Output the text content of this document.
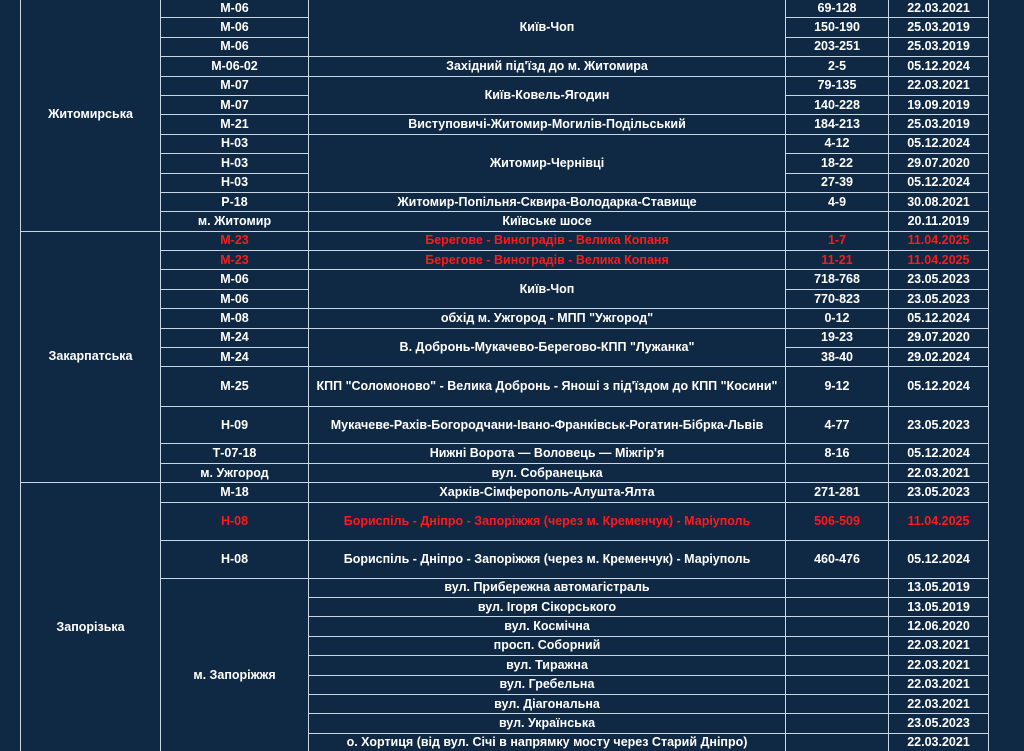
Житомирська	М-06	Київ-Чоп	69-128	22.03.2021
	М-06		150-190	25.03.2019
	М-06		203-251	25.03.2019
	М-06-02	Західний під'їзд до м. Житомира	2-5	05.12.2024
	М-07	Київ-Ковель-Ягодин	79-135	22.03.2021
	М-07		140-228	19.09.2019
	М-21	Виступовичі-Житомир-Могилів-Подільський	184-213	25.03.2019
	Н-03	Житомир-Чернівці	4-12	05.12.2024
	Н-03		18-22	29.07.2020
	Н-03		27-39	05.12.2024
	Р-18	Житомир-Попільня-Сквира-Володарка-Ставище	4-9	30.08.2021
	м. Житомир	Київське шосе		20.11.2019
Закарпатська	М-23	Берегове - Виноградів - Велика Копаня	1-7	11.04.2025
	М-23	Берегове - Виноградів - Велика Копаня	11-21	11.04.2025
	М-06	Київ-Чоп	718-768	23.05.2023
	М-06		770-823	23.05.2023
	М-08	обхід м. Ужгород - МПП "Ужгород"	0-12	05.12.2024
	М-24	В. Добронь-Мукачево-Берегово-КПП "Лужанка"	19-23	29.07.2020
	М-24		38-40	29.02.2024
	М-25	КПП "Соломоново" - Велика Добронь - Яноші з під'їздом до КПП "Косини"	9-12	05.12.2024
	Н-09	Мукачеве-Рахів-Богородчани-Івано-Франківськ-Рогатин-Бібрка-Львів	4-77	23.05.2023
	Т-07-18	Нижні Ворота — Воловець — Міжгір'я	8-16	05.12.2024
	м. Ужгород	вул. Собранецька		22.03.2021
Запорізька	М-18	Харків-Сімферополь-Алушта-Ялта	271-281	23.05.2023
	Н-08	Бориспіль - Дніпро - Запоріжжя (через м. Кременчук) - Маріуполь	506-509	11.04.2025
	Н-08	Бориспіль - Дніпро - Запоріжжя (через м. Кременчук) - Маріуполь	460-476	05.12.2024
	м. Запоріжжя	вул. Прибережна автомагістраль		13.05.2019
		вул. Ігоря Сікорського		13.05.2019
		вул. Космічна		12.06.2020
		просп. Соборний		22.03.2021
		вул. Тиражна		22.03.2021
		вул. Гребельна		22.03.2021
		вул. Діагональна		22.03.2021
		вул. Українська		23.05.2023
		о. Хортиця (від вул. Січі в напрямку мосту через Старий Дніпро)		22.03.2021
